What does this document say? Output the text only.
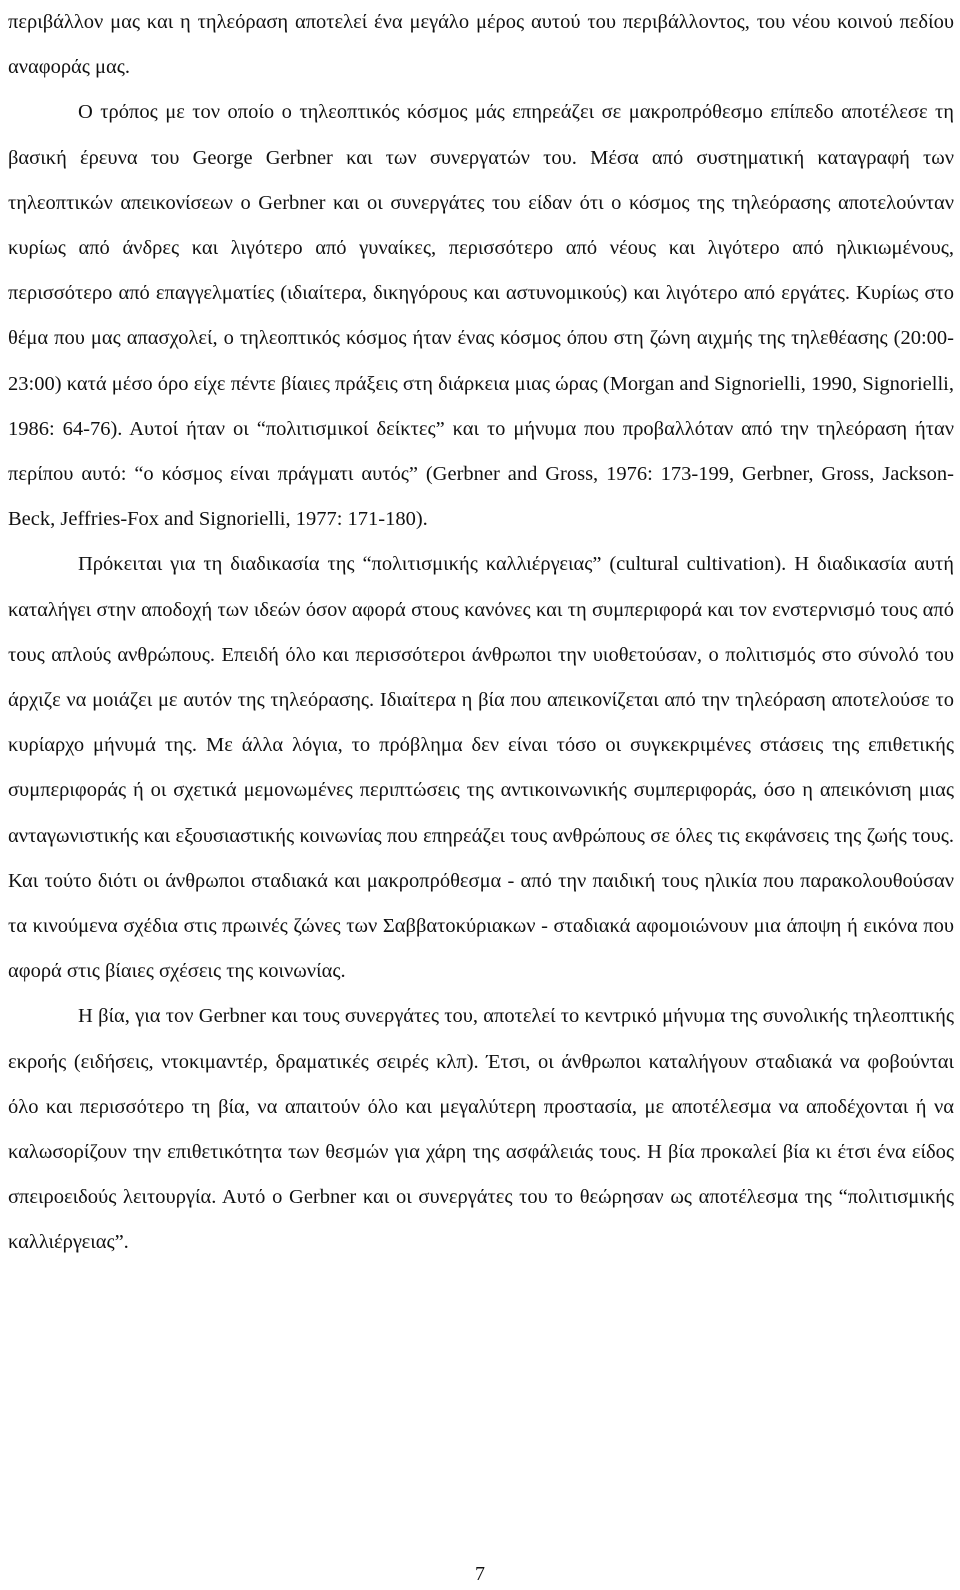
περιβάλλον μας και η τηλεόραση αποτελεί ένα μεγάλο μέρος αυτού του περιβάλλοντος, του νέου κοινού πεδίου αναφοράς μας.

Ο τρόπος με τον οποίο ο τηλεοπτικός κόσμος μάς επηρεάζει σε μακροπρόθεσμο επίπεδο αποτέλεσε τη βασική έρευνα του George Gerbner και των συνεργατών του. Μέσα από συστηματική καταγραφή των τηλεοπτικών απεικονίσεων ο Gerbner και οι συνεργάτες του είδαν ότι ο κόσμος της τηλεόρασης αποτελούνταν κυρίως από άνδρες και λιγότερο από γυναίκες, περισσότερο από νέους και λιγότερο από ηλικιωμένους, περισσότερο από επαγγελματίες (ιδιαίτερα, δικηγόρους και αστυνομικούς) και λιγότερο από εργάτες. Κυρίως στο θέμα που μας απασχολεί, ο τηλεοπτικός κόσμος ήταν ένας κόσμος όπου στη ζώνη αιχμής της τηλεθέασης (20:00-23:00) κατά μέσο όρο είχε πέντε βίαιες πράξεις στη διάρκεια μιας ώρας (Morgan and Signorielli, 1990, Signorielli, 1986: 64-76). Αυτοί ήταν οι “πολιτισμικοί δείκτες” και το μήνυμα που προβαλλόταν από την τηλεόραση ήταν περίπου αυτό: “ο κόσμος είναι πράγματι αυτός” (Gerbner and Gross, 1976: 173-199, Gerbner, Gross, Jackson-Beck, Jeffries-Fox and Signorielli, 1977: 171-180).

Πρόκειται για τη διαδικασία της “πολιτισμικής καλλιέργειας” (cultural cultivation). Η διαδικασία αυτή καταλήγει στην αποδοχή των ιδεών όσον αφορά στους κανόνες και τη συμπεριφορά και τον ενστερνισμό τους από τους απλούς ανθρώπους. Επειδή όλο και περισσότεροι άνθρωποι την υιοθετούσαν, ο πολιτισμός στο σύνολό του άρχιζε να μοιάζει με αυτόν της τηλεόρασης. Ιδιαίτερα η βία που απεικονίζεται από την τηλεόραση αποτελούσε το κυρίαρχο μήνυμά της. Με άλλα λόγια, το πρόβλημα δεν είναι τόσο οι συγκεκριμένες στάσεις της επιθετικής συμπεριφοράς ή οι σχετικά μεμονωμένες περιπτώσεις της αντικοινωνικής συμπεριφοράς, όσο η απεικόνιση μιας ανταγωνιστικής και εξουσιαστικής κοινωνίας που επηρεάζει τους ανθρώπους σε όλες τις εκφάνσεις της ζωής τους. Και τούτο διότι οι άνθρωποι σταδιακά και μακροπρόθεσμα - από την παιδική τους ηλικία που παρακολουθούσαν τα κινούμενα σχέδια στις πρωινές ζώνες των Σαββατοκύριακων - σταδιακά αφομοιώνουν μια άποψη ή εικόνα που αφορά στις βίαιες σχέσεις της κοινωνίας.

Η βία, για τον Gerbner και τους συνεργάτες του, αποτελεί το κεντρικό μήνυμα της συνολικής τηλεοπτικής εκροής (ειδήσεις, ντοκιμαντέρ, δραματικές σειρές κλπ). Έτσι, οι άνθρωποι καταλήγουν σταδιακά να φοβούνται όλο και περισσότερο τη βία, να απαιτούν όλο και μεγαλύτερη προστασία, με αποτέλεσμα να αποδέχονται ή να καλωσορίζουν την επιθετικότητα των θεσμών για χάρη της ασφάλειάς τους. Η βία προκαλεί βία κι έτσι ένα είδος σπειροειδούς λειτουργία. Αυτό ο Gerbner και οι συνεργάτες του το θεώρησαν ως αποτέλεσμα της “πολιτισμικής καλλιέργειας”.

7
